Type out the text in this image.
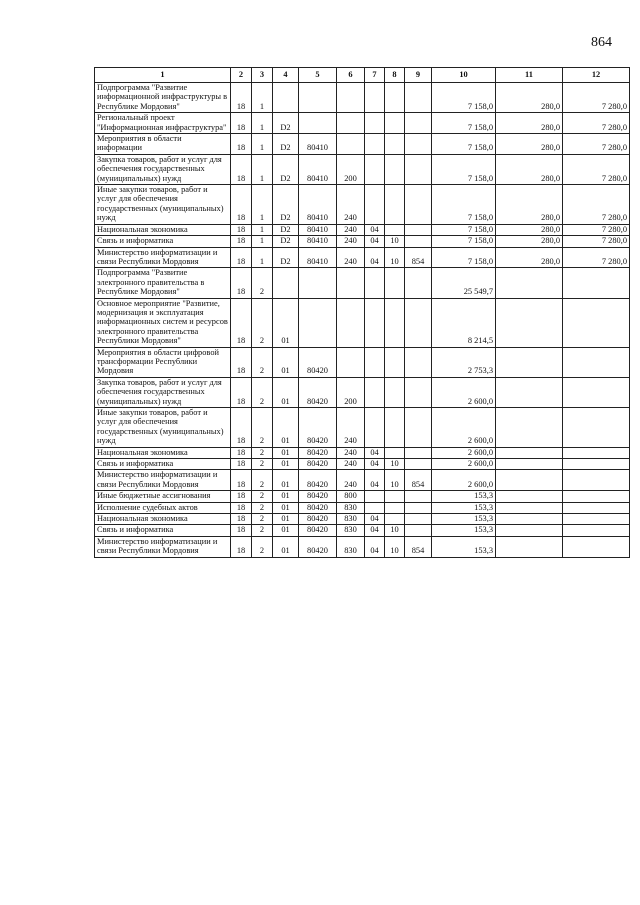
864
1	2	3	4	5	6	7	8	9	10	11	12
Подпрограмма "Развитие информационной инфраструктуры в Республике Мордовия"	18	1							7 158,0	280,0	7 280,0
Региональный проект "Информационная инфраструктура"	18	1	D2						7 158,0	280,0	7 280,0
Мероприятия в области информации	18	1	D2	80410					7 158,0	280,0	7 280,0
Закупка товаров, работ и услуг для обеспечения государственных (муниципальных) нужд	18	1	D2	80410	200				7 158,0	280,0	7 280,0
Иные закупки товаров, работ и услуг для обеспечения государственных (муниципальных) нужд	18	1	D2	80410	240				7 158,0	280,0	7 280,0
Национальная экономика	18	1	D2	80410	240	04			7 158,0	280,0	7 280,0
Связь и информатика	18	1	D2	80410	240	04	10		7 158,0	280,0	7 280,0
Министерство информатизации и связи Республики Мордовия	18	1	D2	80410	240	04	10	854	7 158,0	280,0	7 280,0
Подпрограмма "Развитие электронного правительства в Республике Мордовия"	18	2							25 549,7		
Основное мероприятие "Развитие, модернизация и эксплуатация информационных систем и ресурсов электронного правительства Республики Мордовия"	18	2	01						8 214,5		
Мероприятия в области цифровой трансформации Республики Мордовия	18	2	01	80420					2 753,3		
Закупка товаров, работ и услуг для обеспечения государственных (муниципальных) нужд	18	2	01	80420	200				2 600,0		
Иные закупки товаров, работ и услуг для обеспечения государственных (муниципальных) нужд	18	2	01	80420	240				2 600,0		
Национальная экономика	18	2	01	80420	240	04			2 600,0		
Связь и информатика	18	2	01	80420	240	04	10		2 600,0		
Министерство информатизации и связи Республики Мордовия	18	2	01	80420	240	04	10	854	2 600,0		
Иные бюджетные ассигнования	18	2	01	80420	800				153,3		
Исполнение судебных актов	18	2	01	80420	830				153,3		
Национальная экономика	18	2	01	80420	830	04			153,3		
Связь и информатика	18	2	01	80420	830	04	10		153,3		
Министерство информатизации и связи Республики Мордовия	18	2	01	80420	830	04	10	854	153,3		
